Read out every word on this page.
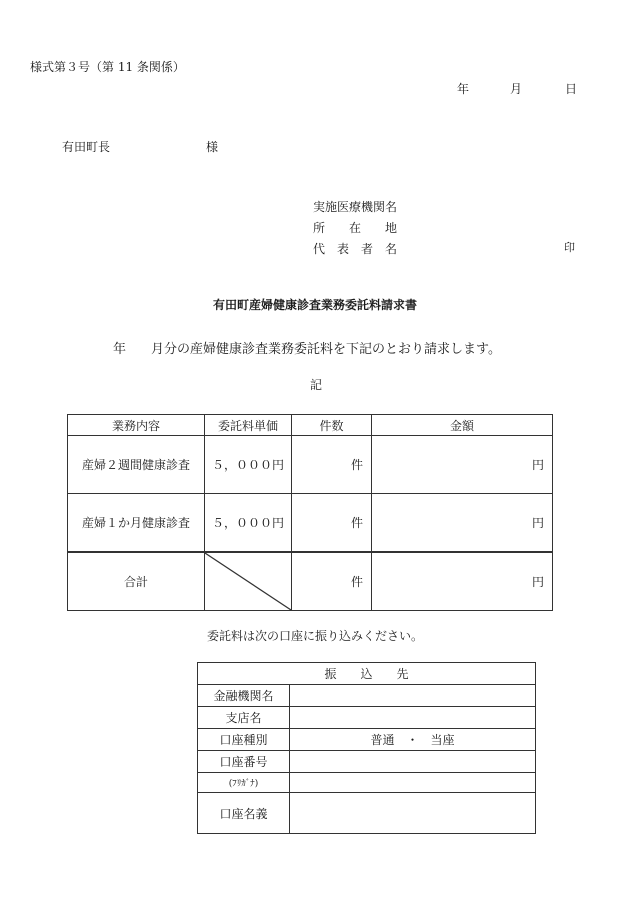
様式第３号（第 11 条関係）
年	月	日
有田町長	様
実施医療機関名
所　　在　　地
代　表　者　名	印
有田町産婦健康診査業務委託料請求書
年 月分の産婦健康診査業務委託料を下記のとおり請求します。
記
業務内容	委託料単価	件数	金額
産婦２週間健康診査	５，０００円	件	円
産婦１か月健康診査	５，０００円	件	円
合計		件	円
委託料は次の口座に振り込みください。
振　　込　　先	
金融機関名	
支店名	
口座種別	普通　・　当座
口座番号	
(ﾌﾘｶﾞﾅ)	
口座名義	
